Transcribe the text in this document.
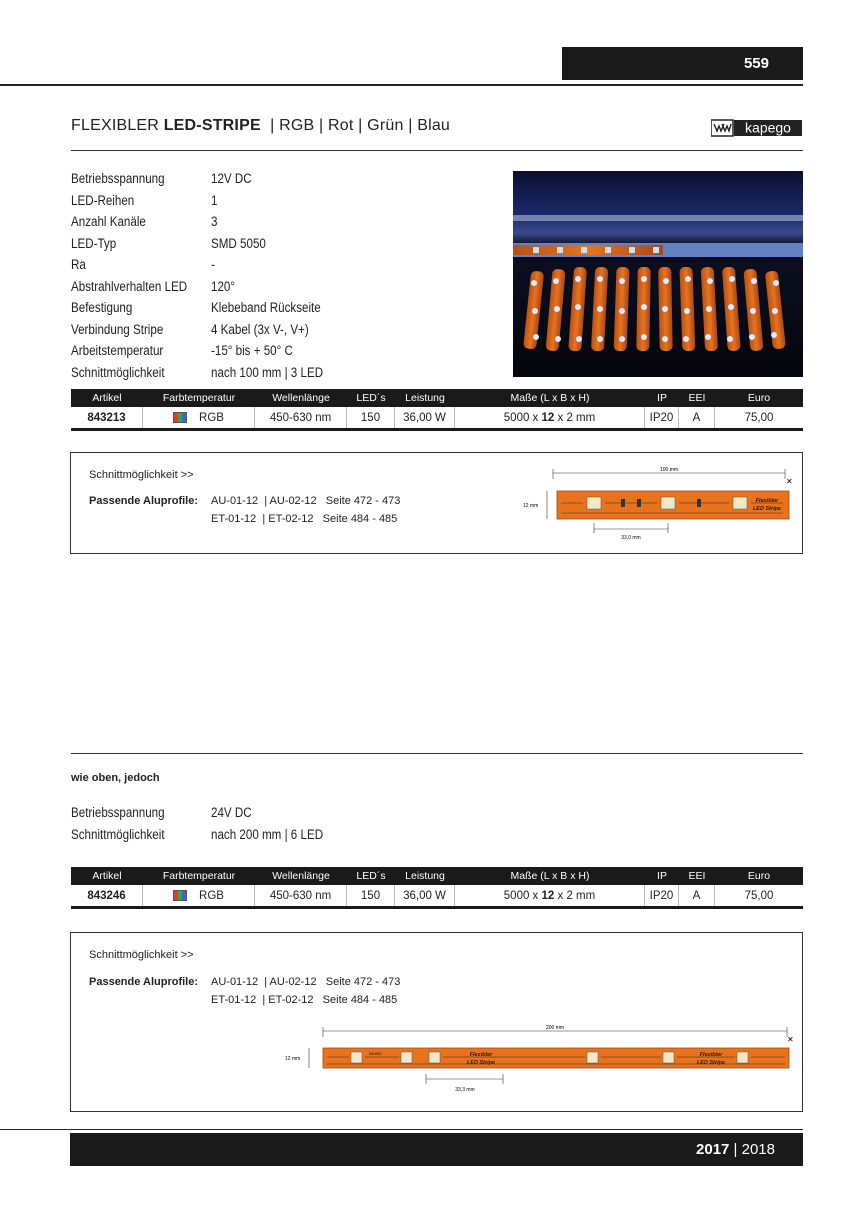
559
FLEXIBLER LED-STRIPE  | RGB | Rot | Grün | Blau	kapego
Betriebsspannung	12V DC
LED-Reihen	1
Anzahl Kanäle	3
LED-Typ	SMD 5050
Ra	-
Abstrahlverhalten LED 120°
Befestigung	Klebeband Rückseite
Verbindung Stripe	4 Kabel (3x V-, V+)
Arbeitstemperatur	-15° bis + 50° C
Schnittmöglichkeit	nach 100 mm | 3 LED
Artikel	Farbtemperatur	Wellenlänge	LED´s	Leistung	Maße (L x B x H)	IP	EEI	Euro
843213	RGB	450-630 nm	150	36,00 W	5000 x 12 x 2 mm	IP20	A	75,00
Schnittmöglichkeit >>
Passende Aluprofile: AU-01-12  | AU-02-12   Seite 472 - 473
ET-01-12  | ET-02-12   Seite 484 - 485
100 mm
✕
12 mm
Flexibler
LED Stripe
33,0 mm
wie oben, jedoch
Betriebsspannung	24V DC
Schnittmöglichkeit	nach 200 mm | 6 LED
Artikel	Farbtemperatur	Wellenlänge	LED´s	Leistung	Maße (L x B x H)	IP	EEI	Euro
843246	RGB	450-630 nm	150	36,00 W	5000 x 12 x 2 mm	IP20	A	75,00
Schnittmöglichkeit >>
Passende Aluprofile: AU-01-12  | AU-02-12   Seite 472 - 473
ET-01-12  | ET-02-12   Seite 484 - 485
200 mm
✕
12 mm
24VDC	Flexibler
LED Stripe
Flexibler
LED Stripe
33,3 mm
2017 | 2018
